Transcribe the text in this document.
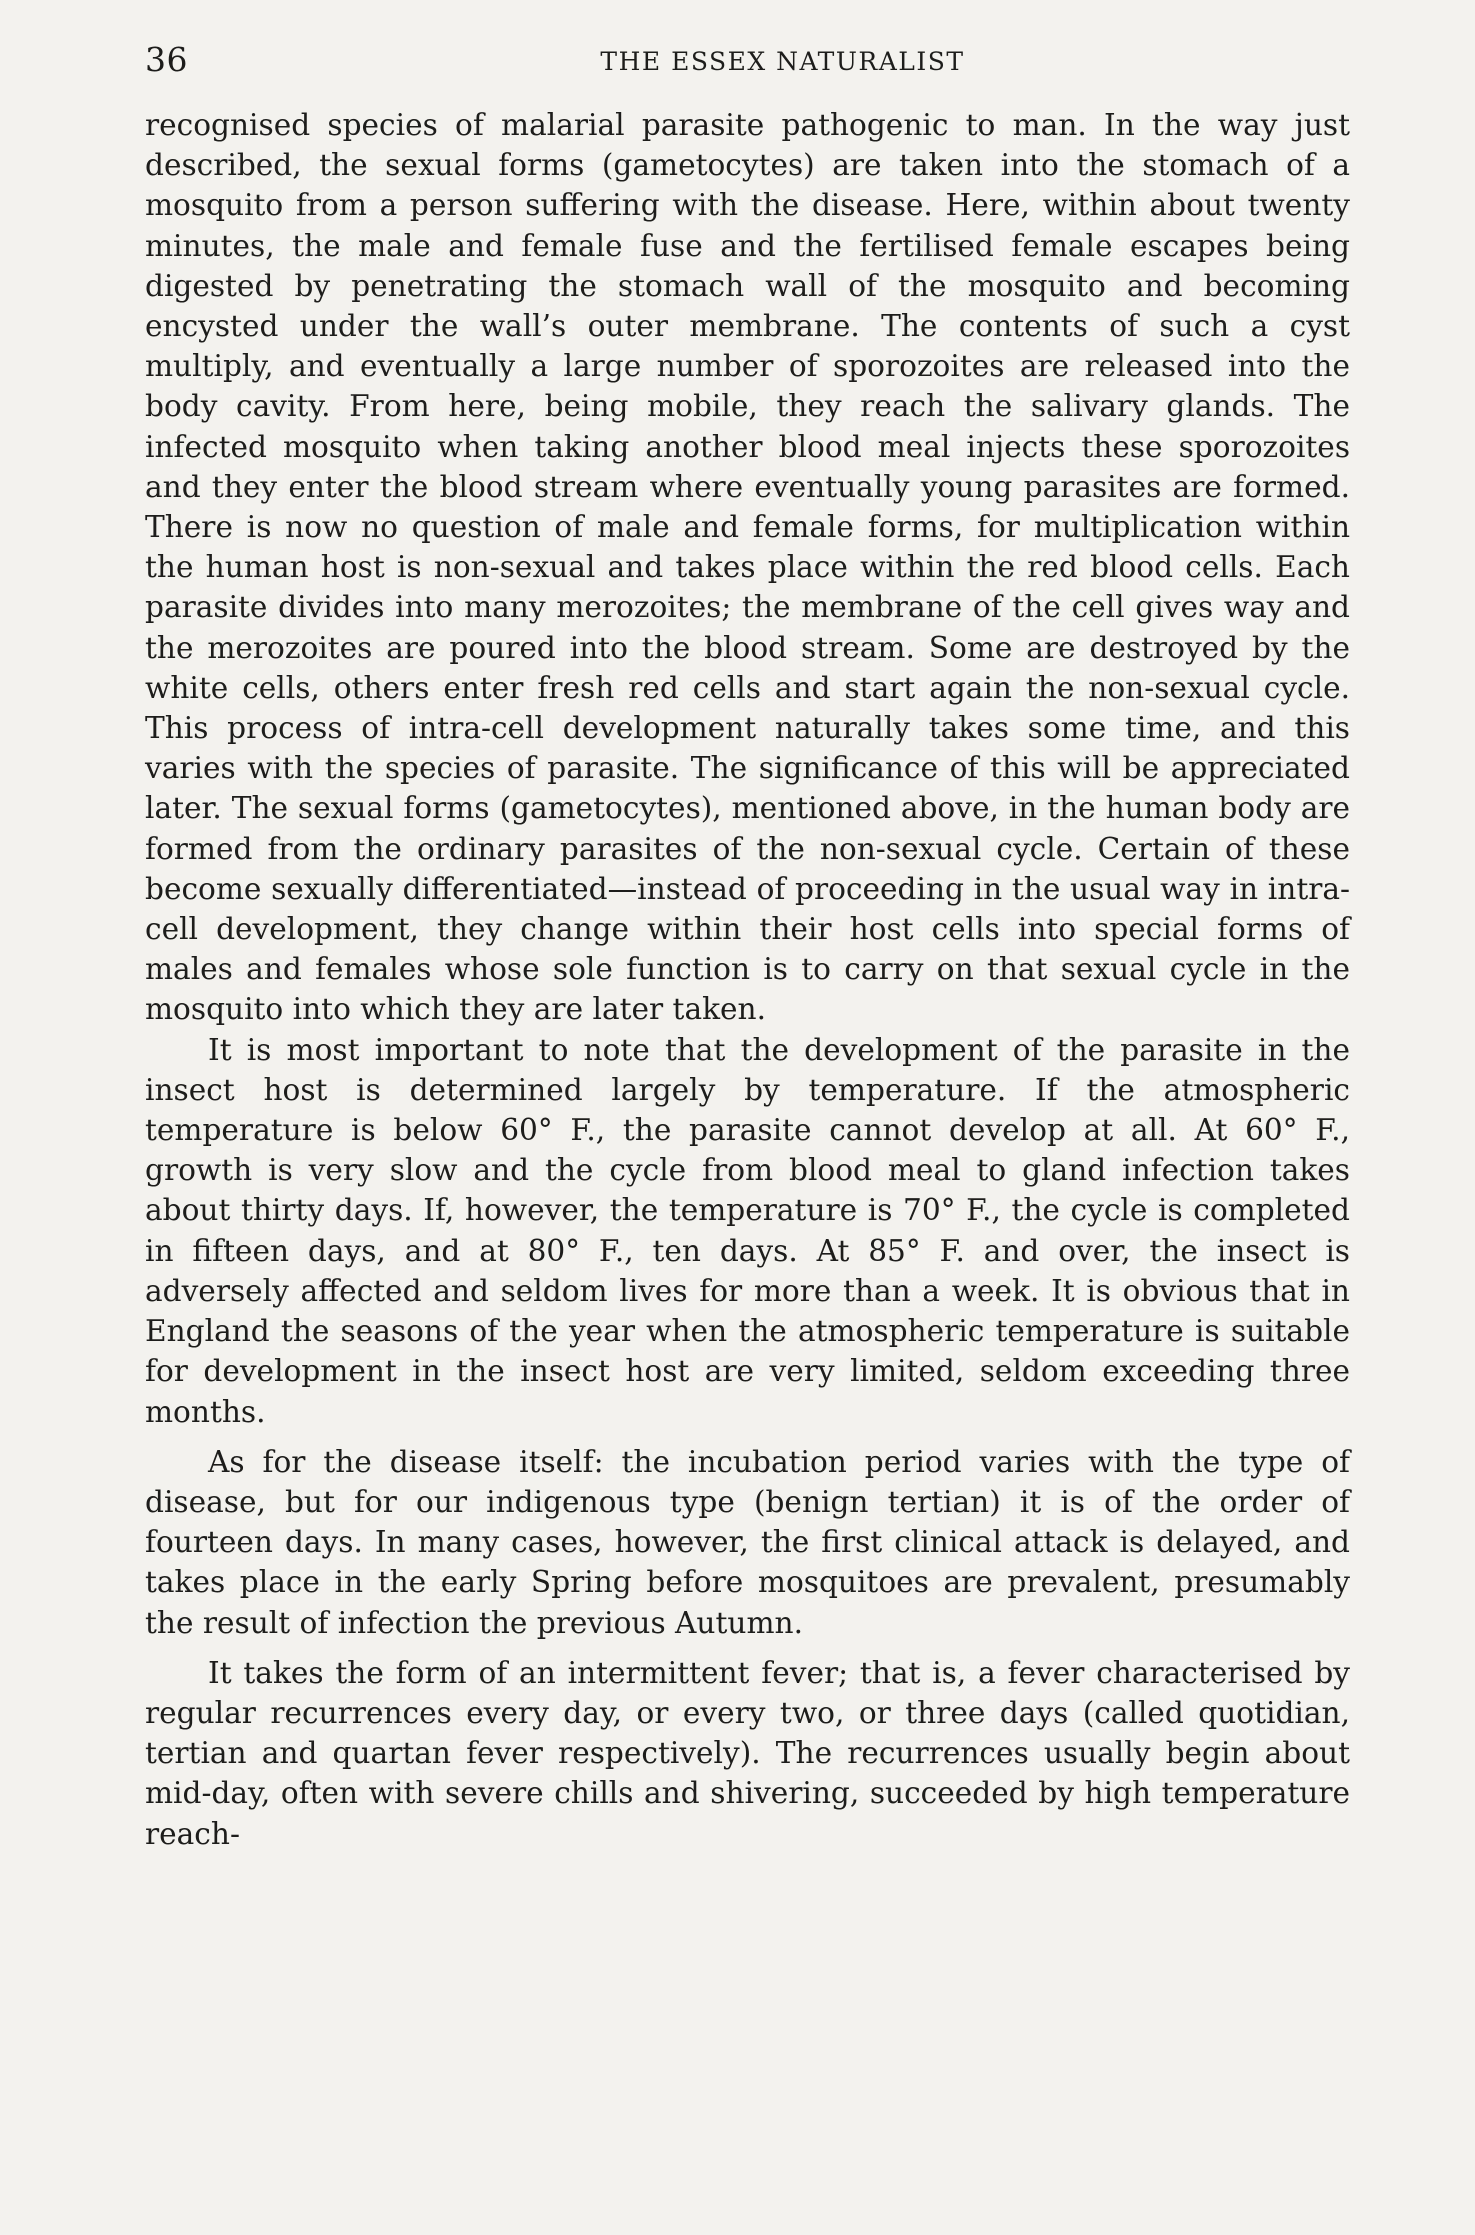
36	THE ESSEX NATURALIST

recognised species of malarial parasite pathogenic to man. In the way just described, the sexual forms (gametocytes) are taken into the stomach of a mosquito from a person suffering with the disease. Here, within about twenty minutes, the male and female fuse and the fertilised female escapes being digested by penetrating the stomach wall of the mosquito and becoming encysted under the wall’s outer membrane. The contents of such a cyst multiply, and eventually a large number of sporozoites are released into the body cavity. From here, being mobile, they reach the salivary glands. The infected mosquito when taking another blood meal injects these sporozoites and they enter the blood stream where eventually young parasites are formed. There is now no question of male and female forms, for multiplication within the human host is non-sexual and takes place within the red blood cells. Each parasite divides into many merozoites; the membrane of the cell gives way and the merozoites are poured into the blood stream. Some are destroyed by the white cells, others enter fresh red cells and start again the non-sexual cycle. This process of intra-cell development naturally takes some time, and this varies with the species of parasite. The significance of this will be appreciated later. The sexual forms (gametocytes), mentioned above, in the human body are formed from the ordinary parasites of the non-sexual cycle. Certain of these become sexually differentiated—instead of proceeding in the usual way in intra-cell development, they change within their host cells into special forms of males and females whose sole function is to carry on that sexual cycle in the mosquito into which they are later taken.

It is most important to note that the development of the parasite in the insect host is determined largely by temperature. If the atmospheric temperature is below 60° F., the parasite cannot develop at all. At 60° F., growth is very slow and the cycle from blood meal to gland infection takes about thirty days. If, however, the temperature is 70° F., the cycle is completed in fifteen days, and at 80° F., ten days. At 85° F. and over, the insect is adversely affected and seldom lives for more than a week. It is obvious that in England the seasons of the year when the atmospheric temperature is suitable for development in the insect host are very limited, seldom exceeding three months.

As for the disease itself: the incubation period varies with the type of disease, but for our indigenous type (benign tertian) it is of the order of fourteen days. In many cases, however, the first clinical attack is delayed, and takes place in the early Spring before mosquitoes are prevalent, presumably the result of infection the previous Autumn.

It takes the form of an intermittent fever; that is, a fever characterised by regular recurrences every day, or every two, or three days (called quotidian, tertian and quartan fever respectively). The recurrences usually begin about mid-day, often with severe chills and shivering, succeeded by high temperature reach-
